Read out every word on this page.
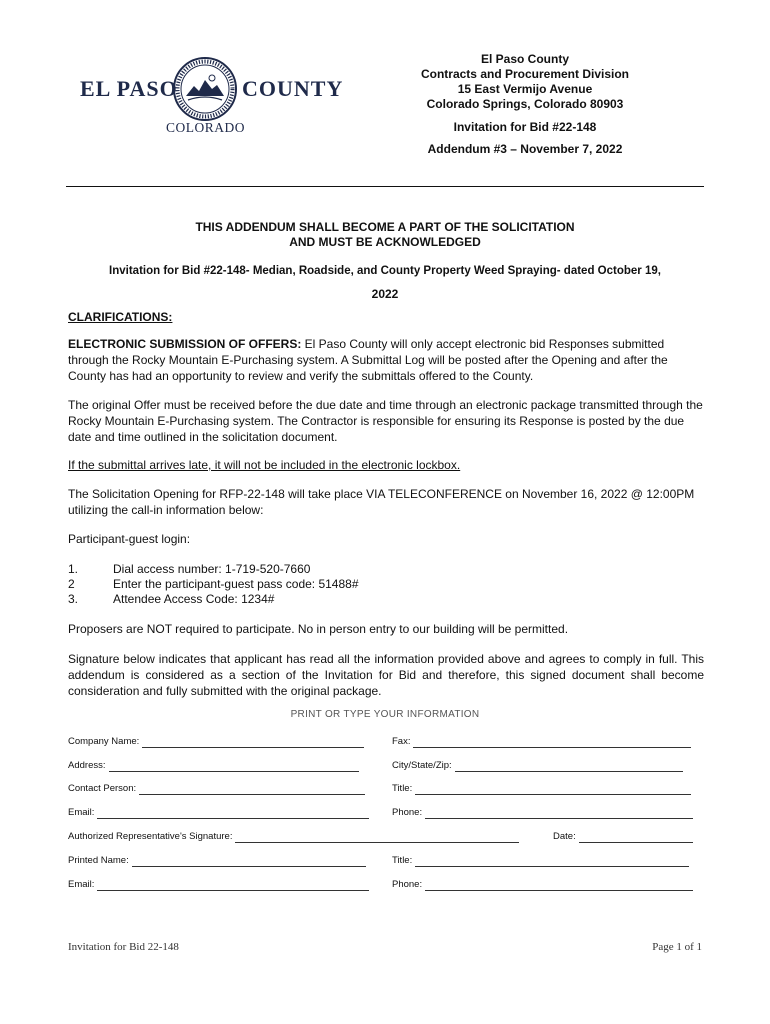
EL PASO	COUNTY
COLORADO
El Paso County
Contracts and Procurement Division
15 East Vermijo Avenue
Colorado Springs, Colorado 80903
Invitation for Bid #22-148
Addendum #3 – November 7, 2022
THIS ADDENDUM SHALL BECOME A PART OF THE SOLICITATION
AND MUST BE ACKNOWLEDGED
Invitation for Bid #22-148- Median, Roadside, and County Property Weed Spraying- dated October 19,
2022
CLARIFICATIONS:
ELECTRONIC SUBMISSION OF OFFERS: El Paso County will only accept electronic bid Responses submitted through the Rocky Mountain E-Purchasing system. A Submittal Log will be posted after the Opening and after the County has had an opportunity to review and verify the submittals offered to the County.
The original Offer must be received before the due date and time through an electronic package transmitted through the Rocky Mountain E-Purchasing system. The Contractor is responsible for ensuring its Response is posted by the due date and time outlined in the solicitation document.
If the submittal arrives late, it will not be included in the electronic lockbox.
The Solicitation Opening for RFP-22-148 will take place VIA TELECONFERENCE on November 16, 2022 @ 12:00PM utilizing the call-in information below:
Participant-guest login:
1.	Dial access number: 1-719-520-7660
2	Enter the participant-guest pass code: 51488#
3.	Attendee Access Code: 1234#
Proposers are NOT required to participate. No in person entry to our building will be permitted.
Signature below indicates that applicant has read all the information provided above and agrees to comply in full. This addendum is considered as a section of the Invitation for Bid and therefore, this signed document shall become consideration and fully submitted with the original package.
PRINT OR TYPE YOUR INFORMATION
Company Name:	Fax:
Address:	City/State/Zip:
Contact Person:	Title:
Email:	Phone:
Authorized Representative's Signature:	Date:
Printed Name:	Title:
Email:	Phone:
Invitation for Bid 22-148	Page 1 of 1
